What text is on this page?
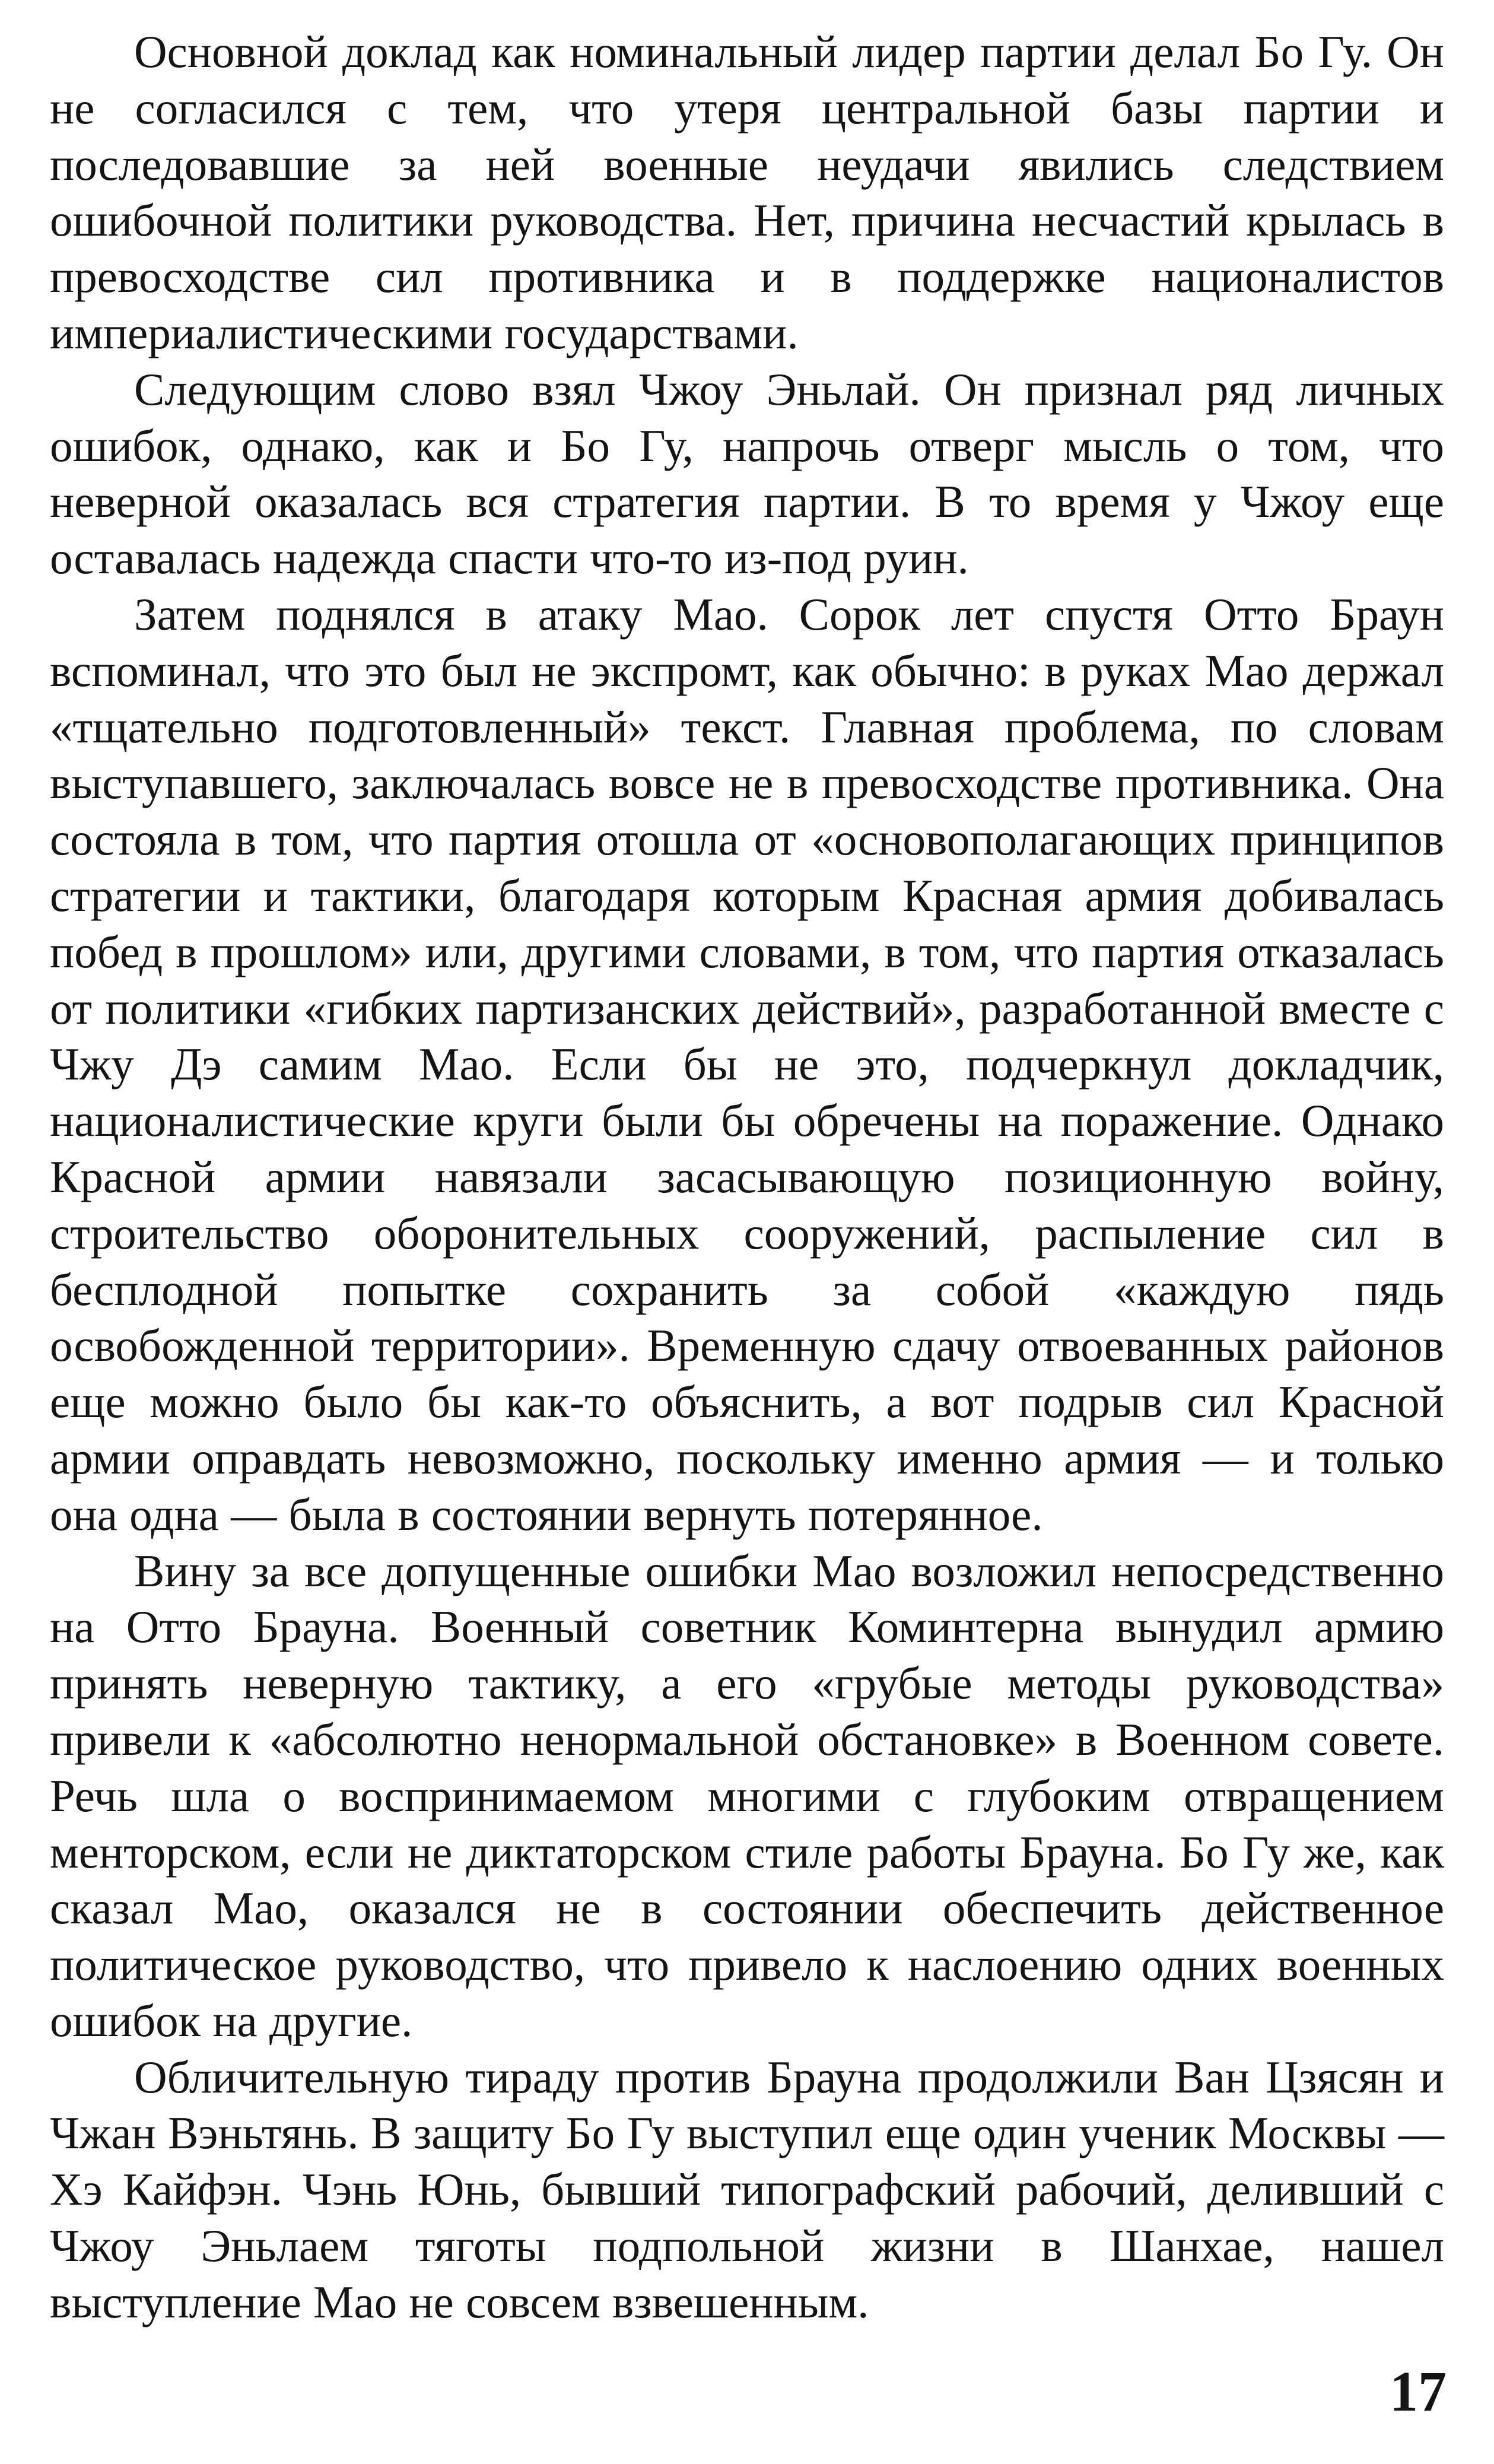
Основной доклад как номинальный лидер партии делал Бо Гу. Он не согласился с тем, что утеря центральной базы партии и последовавшие за ней военные неудачи явились следствием ошибочной политики руководства. Нет, причина несчастий крылась в превосходстве сил противника и в поддержке националистов империалистическими государствами.

Следующим слово взял Чжоу Эньлай. Он признал ряд личных ошибок, однако, как и Бо Гу, напрочь отверг мысль о том, что неверной оказалась вся стратегия партии. В то время у Чжоу еще оставалась надежда спасти что-то из-под руин.

Затем поднялся в атаку Мао. Сорок лет спустя Отто Браун вспоминал, что это был не экспромт, как обычно: в руках Мао держал «тщательно подготовленный» текст. Главная проблема, по словам выступавшего, заключалась вовсе не в превосходстве противника. Она состояла в том, что партия отошла от «основополагающих принципов стратегии и тактики, благодаря которым Красная армия добивалась побед в прошлом» или, другими словами, в том, что партия отказалась от политики «гибких партизанских действий», разработанной вместе с Чжу Дэ самим Мао. Если бы не это, подчеркнул докладчик, националистические круги были бы обречены на поражение. Однако Красной армии навязали засасывающую позиционную войну, строительство оборонительных сооружений, распыление сил в бесплодной попытке сохранить за собой «каждую пядь освобожденной территории». Временную сдачу отвоеванных районов еще можно было бы как-то объяснить, а вот подрыв сил Красной армии оправдать невозможно, поскольку именно армия — и только она одна — была в состоянии вернуть потерянное.

Вину за все допущенные ошибки Мао возложил непосредственно на Отто Брауна. Военный советник Коминтерна вынудил армию принять неверную тактику, а его «грубые методы руководства» привели к «абсолютно ненормальной обстановке» в Военном совете. Речь шла о воспринимаемом многими с глубоким отвращением менторском, если не диктаторском стиле работы Брауна. Бо Гу же, как сказал Мао, оказался не в состоянии обеспечить действенное политическое руководство, что привело к наслоению одних военных ошибок на другие.

Обличительную тираду против Брауна продолжили Ван Цзясян и Чжан Вэньтянь. В защиту Бо Гу выступил еще один ученик Москвы — Хэ Кайфэн. Чэнь Юнь, бывший типографский рабочий, деливший с Чжоу Эньлаем тяготы подпольной жизни в Шанхае, нашел выступление Мао не совсем взвешенным.

17
